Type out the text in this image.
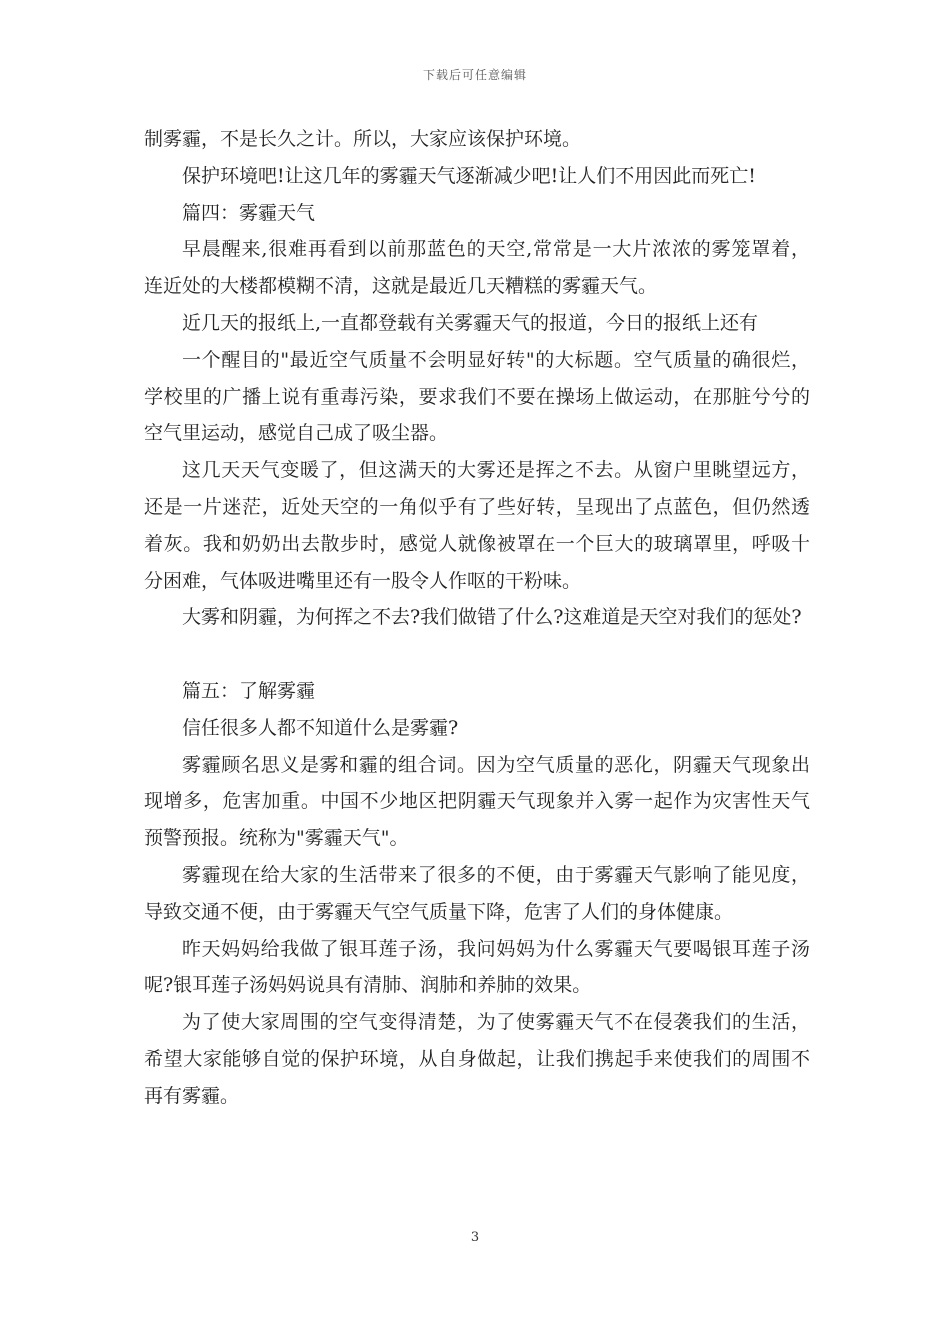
下载后可任意编辑
制雾霾，不是长久之计。所以，大家应该保护环境。
保护环境吧!让这几年的雾霾天气逐渐减少吧!让人们不用因此而死亡!
篇四：雾霾天气
早晨醒来,很难再看到以前那蓝色的天空,常常是一大片浓浓的雾笼罩着，
连近处的大楼都模糊不清，这就是最近几天糟糕的雾霾天气。
近几天的报纸上,一直都登载有关雾霾天气的报道，今日的报纸上还有
一个醒目的"最近空气质量不会明显好转"的大标题。空气质量的确很烂，
学校里的广播上说有重毒污染，要求我们不要在操场上做运动，在那脏兮兮的
空气里运动，感觉自己成了吸尘器。
这几天天气变暖了，但这满天的大雾还是挥之不去。从窗户里眺望远方，
还是一片迷茫，近处天空的一角似乎有了些好转，呈现出了点蓝色，但仍然透
着灰。我和奶奶出去散步时，感觉人就像被罩在一个巨大的玻璃罩里，呼吸十
分困难，气体吸进嘴里还有一股令人作呕的干粉味。
大雾和阴霾，为何挥之不去?我们做错了什么?这难道是天空对我们的惩处?
篇五：了解雾霾
信任很多人都不知道什么是雾霾?
雾霾顾名思义是雾和霾的组合词。因为空气质量的恶化，阴霾天气现象出
现增多，危害加重。中国不少地区把阴霾天气现象并入雾一起作为灾害性天气
预警预报。统称为"雾霾天气"。
雾霾现在给大家的生活带来了很多的不便，由于雾霾天气影响了能见度，
导致交通不便，由于雾霾天气空气质量下降，危害了人们的身体健康。
昨天妈妈给我做了银耳莲子汤，我问妈妈为什么雾霾天气要喝银耳莲子汤
呢?银耳莲子汤妈妈说具有清肺、润肺和养肺的效果。
为了使大家周围的空气变得清楚，为了使雾霾天气不在侵袭我们的生活，
希望大家能够自觉的保护环境，从自身做起，让我们携起手来使我们的周围不
再有雾霾。
3
